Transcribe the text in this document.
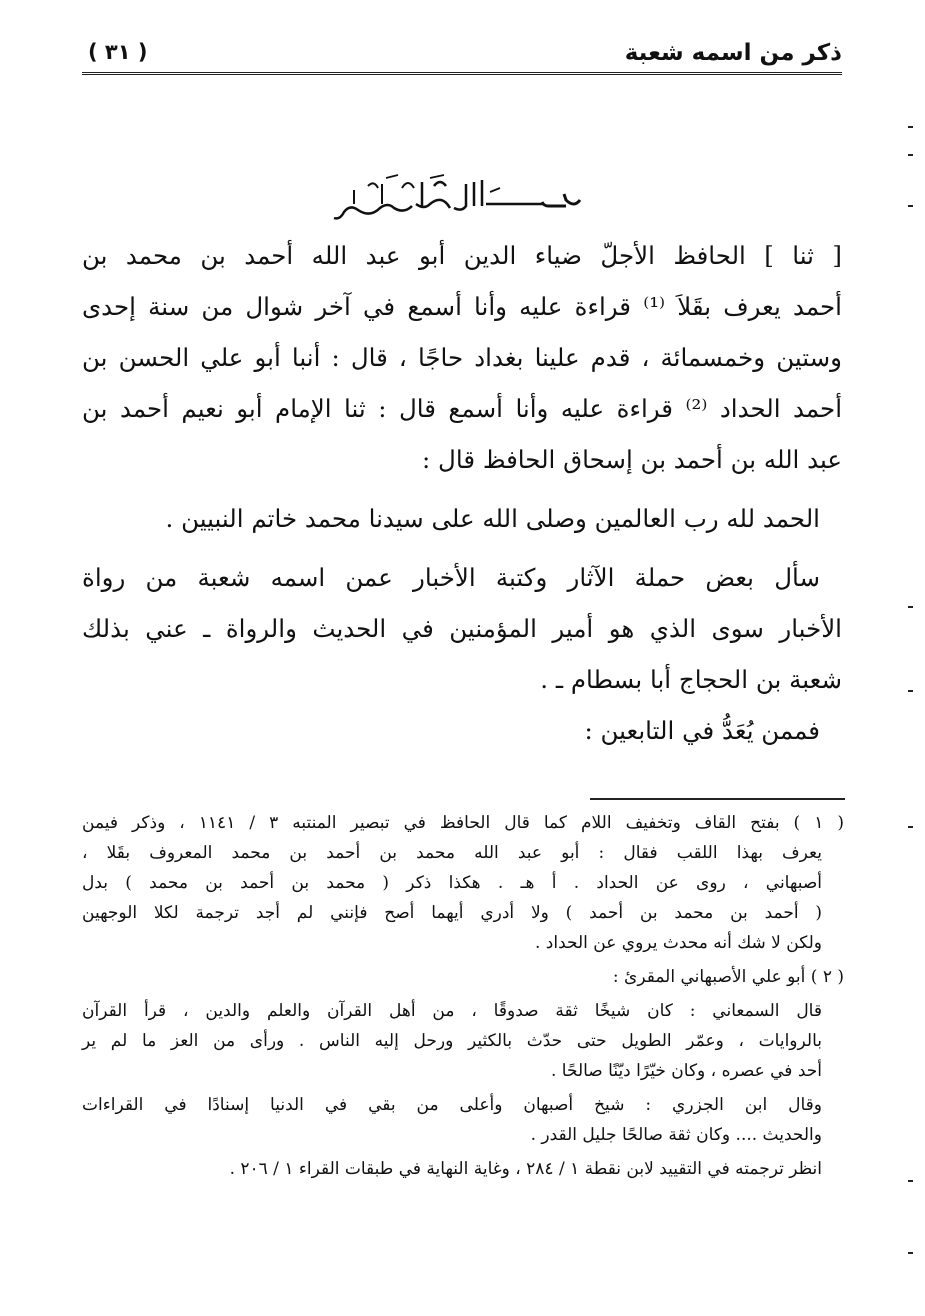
ذكر من اسمه شعبة
( ٣١ )
[ ثنا ] الحافظ الأجلّ ضياء الدين أبو عبد الله أحمد بن محمد بن
أحمد يعرف بقَلاَ ⁽¹⁾ قراءة عليه وأنا أسمع في آخر شوال من سنة إحدى
وستين وخمسمائة ، قدم علينا بغداد حاجًا ، قال : أنبا أبو علي الحسن بن
أحمد الحداد ⁽²⁾ قراءة عليه وأنا أسمع قال : ثنا الإمام أبو نعيم أحمد بن
عبد الله بن أحمد بن إسحاق الحافظ قال :
الحمد لله رب العالمين وصلى الله على سيدنا محمد خاتم النبيين .
سأل بعض حملة الآثار وكتبة الأخبار عمن اسمه شعبة من رواة
الأخبار سوى الذي هو أمير المؤمنين في الحديث والرواة ـ عني بذلك
شعبة بن الحجاج أبا بسطام ـ .
فممن يُعَدُّ في التابعين :
( ١ ) بفتح القاف وتخفيف اللام كما قال الحافظ في تبصير المنتبه ٣ / ١١٤١ ، وذكر فيمن
يعرف بهذا اللقب فقال : أبو عبد الله محمد بن أحمد بن محمد المعروف بقَلا ،
أصبهاني ، روى عن الحداد . أ هـ . هكذا ذكر ( محمد بن أحمد بن محمد ) بدل
( أحمد بن محمد بن أحمد ) ولا أدري أيهما أصح فإنني لم أجد ترجمة لكلا الوجهين
ولكن لا شك أنه محدث يروي عن الحداد .
( ٢ ) أبو علي الأصبهاني المقرئ :
قال السمعاني : كان شيخًا ثقة صدوقًا ، من أهل القرآن والعلم والدين ، قرأ القرآن
بالروايات ، وعمّر الطويل حتى حدّث بالكثير ورحل إليه الناس . ورأى من العز ما لم ير
أحد في عصره ، وكان خيّرًا ديّنًا صالحًا .
وقال ابن الجزري : شيخ أصبهان وأعلى من بقي في الدنيا إسنادًا في القراءات
والحديث .... وكان ثقة صالحًا جليل القدر .
انظر ترجمته في التقييد لابن نقطة ١ / ٢٨٤ ، وغاية النهاية في طبقات القراء ١ / ٢٠٦ .
